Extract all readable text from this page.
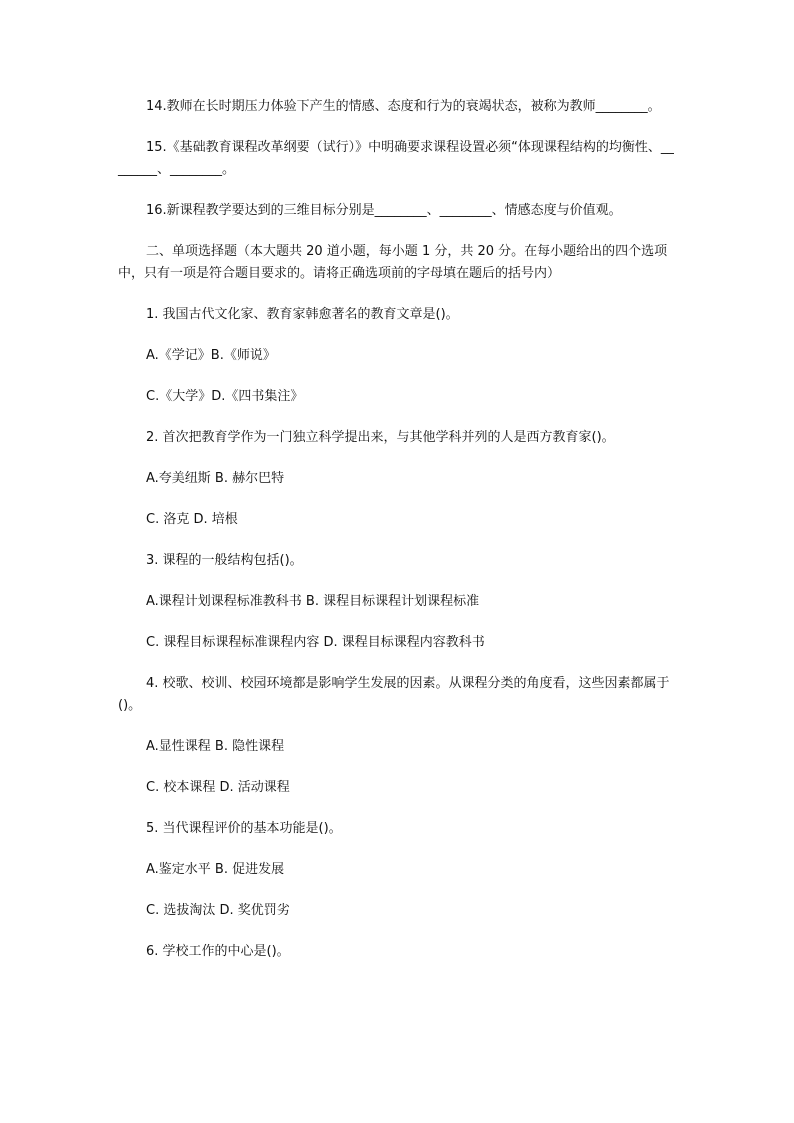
14.教师在长时期压力体验下产生的情感、态度和行为的衰竭状态，被称为教师________。

15.《基础教育课程改革纲要（试行）》中明确要求课程设置必须“体现课程结构的均衡性、________、________。

16.新课程教学要达到的三维目标分别是________、________、情感态度与价值观。

二、单项选择题（本大题共 20 道小题，每小题 1 分，共 20 分。在每小题给出的四个选项中，只有一项是符合题目要求的。请将正确选项前的字母填在题后的括号内）

1. 我国古代文化家、教育家韩愈著名的教育文章是()。

A.《学记》B.《师说》

C.《大学》D.《四书集注》

2. 首次把教育学作为一门独立科学提出来，与其他学科并列的人是西方教育家()。

A.夸美纽斯 B. 赫尔巴特

C. 洛克 D. 培根

3. 课程的一般结构包括()。

A.课程计划课程标准教科书 B. 课程目标课程计划课程标准

C. 课程目标课程标准课程内容 D. 课程目标课程内容教科书

4. 校歌、校训、校园环境都是影响学生发展的因素。从课程分类的角度看，这些因素都属于()。

A.显性课程 B. 隐性课程

C. 校本课程 D. 活动课程

5. 当代课程评价的基本功能是()。

A.鉴定水平 B. 促进发展

C. 选拔淘汰 D. 奖优罚劣

6. 学校工作的中心是()。
